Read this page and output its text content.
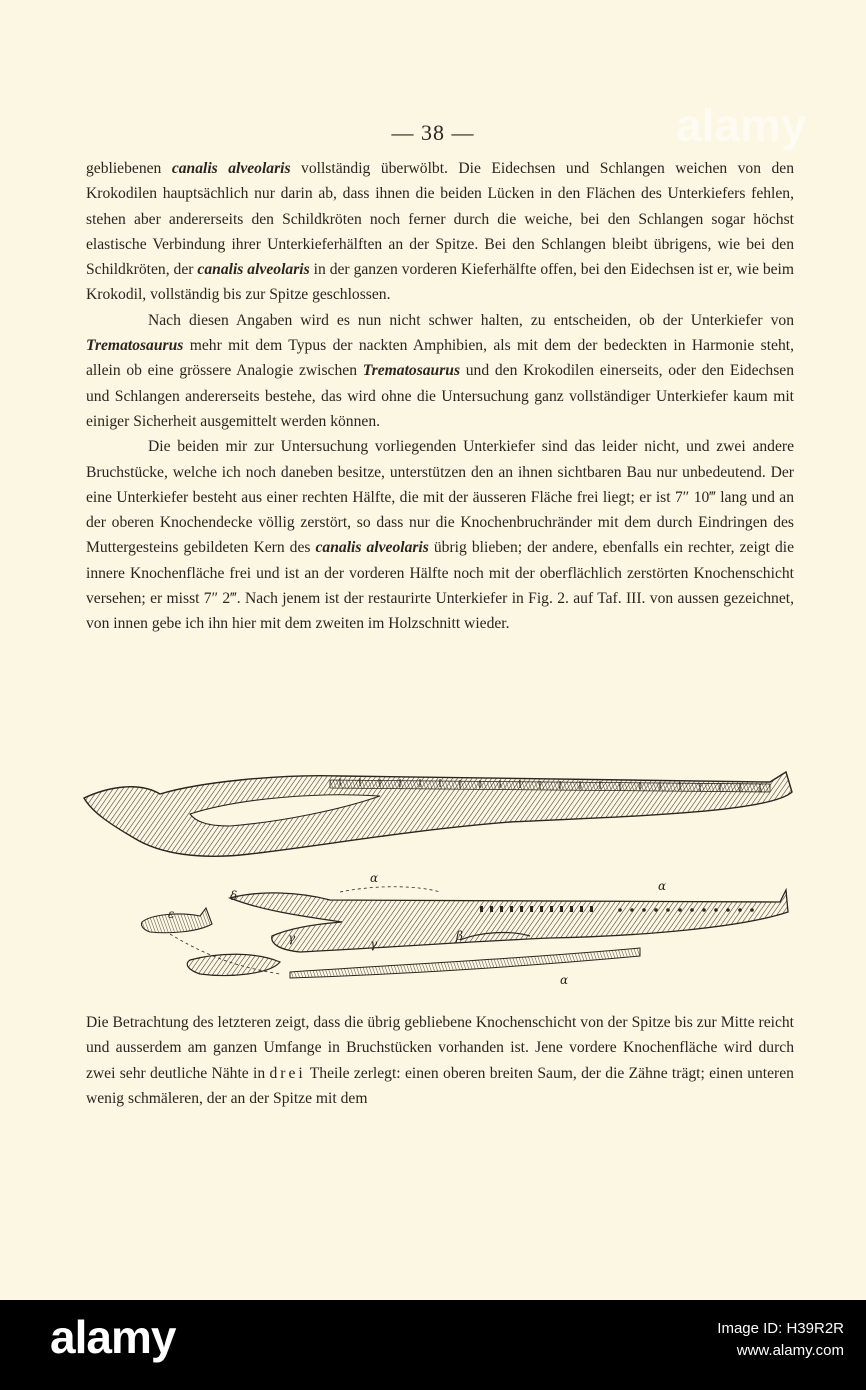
— 38 —

gebliebenen canalis alveolaris vollständig überwölbt. Die Eidechsen und Schlangen weichen von den Krokodilen hauptsächlich nur darin ab, dass ihnen die beiden Lücken in den Flächen des Unterkiefers fehlen, stehen aber andererseits den Schildkröten noch ferner durch die weiche, bei den Schlangen sogar höchst elastische Verbindung ihrer Unterkieferhälften an der Spitze. Bei den Schlangen bleibt übrigens, wie bei den Schildkröten, der canalis alveolaris in der ganzen vorderen Kieferhälfte offen, bei den Eidechsen ist er, wie beim Krokodil, vollständig bis zur Spitze geschlossen.

Nach diesen Angaben wird es nun nicht schwer halten, zu entscheiden, ob der Unterkiefer von Trematosaurus mehr mit dem Typus der nackten Amphibien, als mit dem der bedeckten in Harmonie steht, allein ob eine grössere Analogie zwischen Trematosaurus und den Krokodilen einerseits, oder den Eidechsen und Schlangen andererseits bestehe, das wird ohne die Untersuchung ganz vollständiger Unterkiefer kaum mit einiger Sicherheit ausgemittelt werden können.

Die beiden mir zur Untersuchung vorliegenden Unterkiefer sind das leider nicht, und zwei andere Bruchstücke, welche ich noch daneben besitze, unterstützen den an ihnen sichtbaren Bau nur unbedeutend. Der eine Unterkiefer besteht aus einer rechten Hälfte, die mit der äusseren Fläche frei liegt; er ist 7″ 10‴ lang und an der oberen Knochendecke völlig zerstört, so dass nur die Knochenbruchränder mit dem durch Eindringen des Muttergesteins gebildeten Kern des canalis alveolaris übrig blieben; der andere, ebenfalls ein rechter, zeigt die innere Knochenfläche frei und ist an der vorderen Hälfte noch mit der oberflächlich zerstörten Knochenschicht versehen; er misst 7″ 2‴. Nach jenem ist der restaurirte Unterkiefer in Fig. 2. auf Taf. III. von aussen gezeichnet, von innen gebe ich ihn hier mit dem zweiten im Holzschnitt wieder.

ε
δ
α
α
γ	γ
β
α

Die Betrachtung des letzteren zeigt, dass die übrig gebliebene Knochenschicht von der Spitze bis zur Mitte reicht und ausserdem am ganzen Umfange in Bruchstücken vorhanden ist. Jene vordere Knochenfläche wird durch zwei sehr deutliche Nähte in drei Theile zerlegt: einen oberen breiten Saum, der die Zähne trägt; einen unteren wenig schmäleren, der an der Spitze mit dem

alamy
alamy	Image ID: H39R2R
www.alamy.com
